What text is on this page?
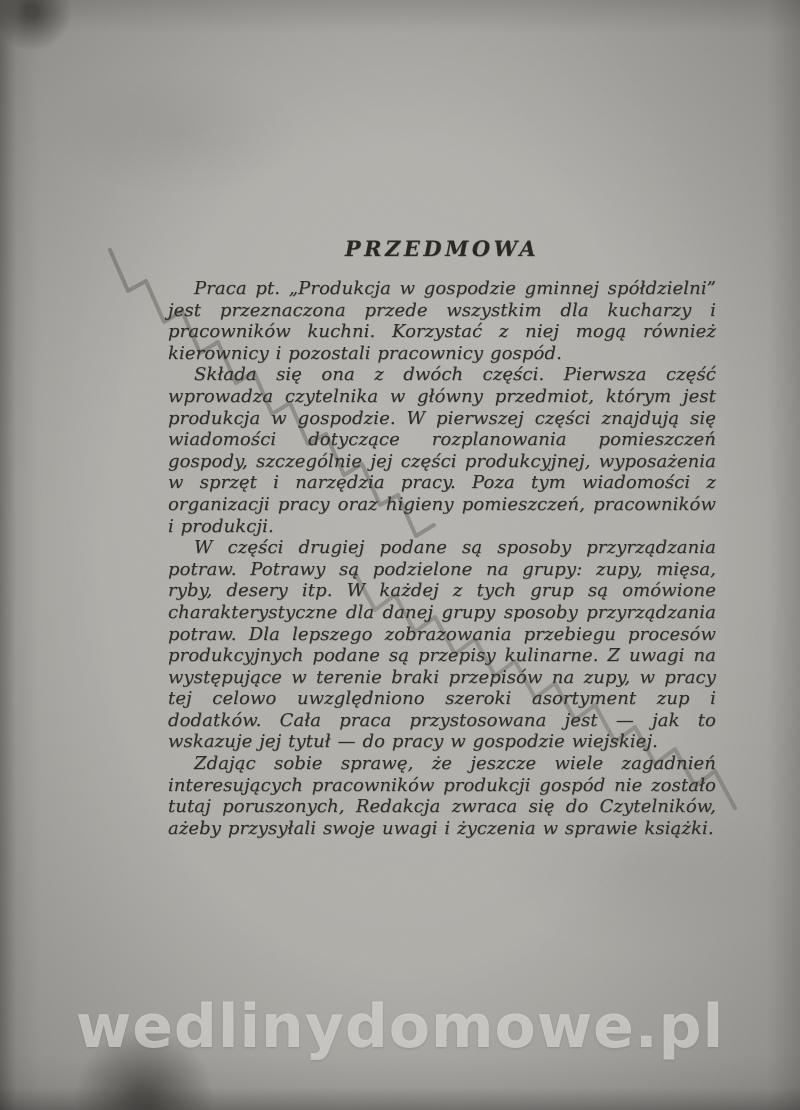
PRZEDMOWA

Praca pt. „Produkcja w gospodzie gminnej spółdzielni” jest przeznaczona przede wszystkim dla kucharzy i pracowników kuchni. Korzystać z niej mogą również kierownicy i pozostali pracownicy gospód.

Składa się ona z dwóch części. Pierwsza część wprowadza czytelnika w główny przedmiot, którym jest produkcja w gospodzie. W pierwszej części znajdują się wiadomości dotyczące rozplanowania pomieszczeń gospody, szczególnie jej części produkcyjnej, wyposażenia w sprzęt i narzędzia pracy. Poza tym wiadomości z organizacji pracy oraz higieny pomieszczeń, pracowników i produkcji.

W części drugiej podane są sposoby przyrządzania potraw. Potrawy są podzielone na grupy: zupy, mięsa, ryby, desery itp. W każdej z tych grup są omówione charakterystyczne dla danej grupy sposoby przyrządzania potraw. Dla lepszego zobrazowania przebiegu procesów produkcyjnych podane są przepisy kulinarne. Z uwagi na występujące w terenie braki przepisów na zupy, w pracy tej celowo uwzględniono szeroki asortyment zup i dodatków. Cała praca przystosowana jest — jak to wskazuje jej tytuł — do pracy w gospodzie wiejskiej.

Zdając sobie sprawę, że jeszcze wiele zagadnień interesujących pracowników produkcji gospód nie zostało tutaj poruszonych, Redakcja zwraca się do Czytelników, ażeby przysyłali swoje uwagi i życzenia w sprawie książki.

wedlinydomowe.pl
